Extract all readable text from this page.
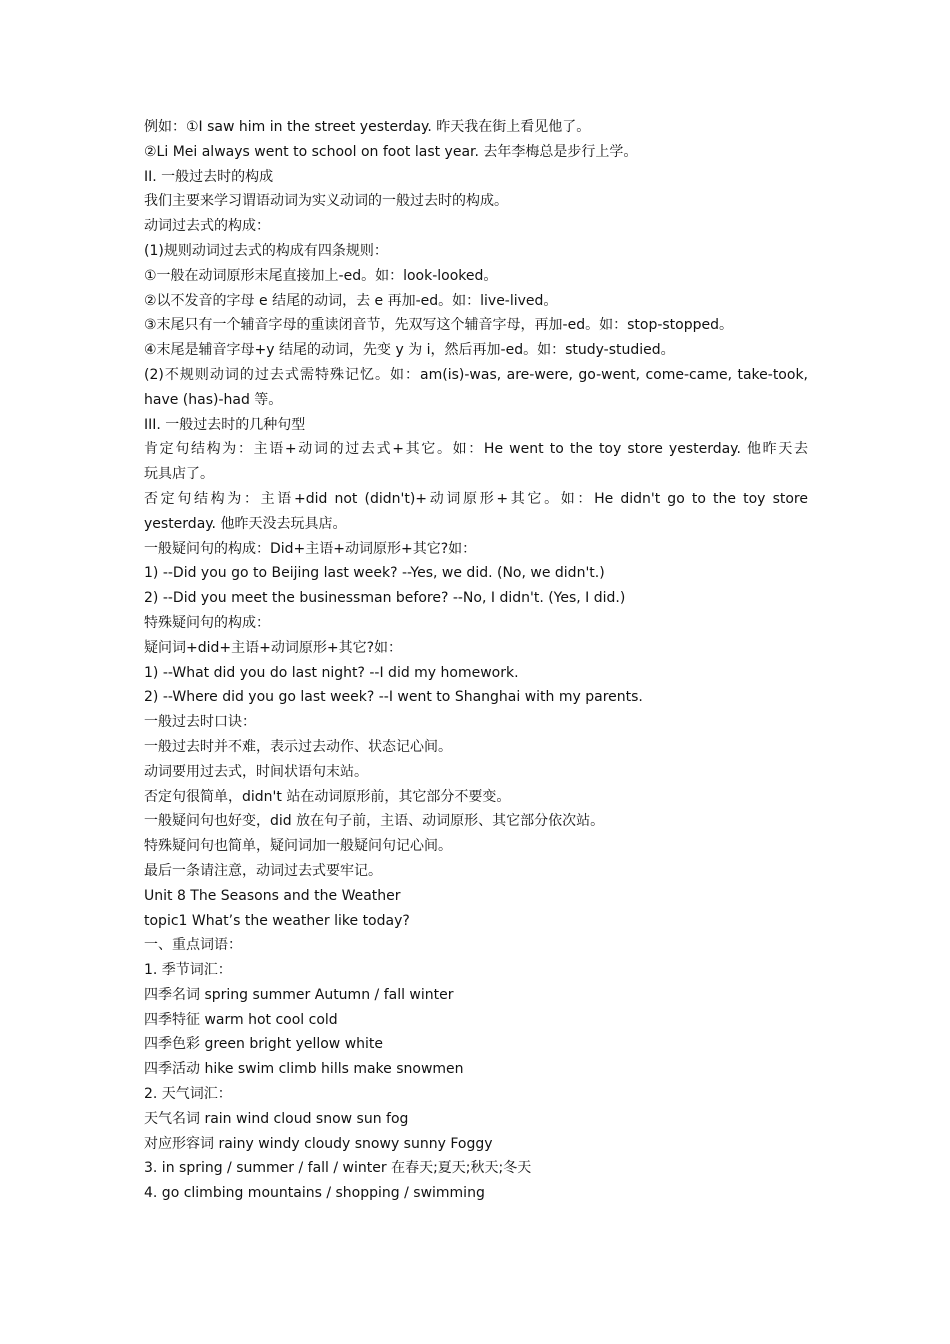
例如：①I saw him in the street yesterday. 昨天我在街上看见他了。
②Li Mei always went to school on foot last year. 去年李梅总是步行上学。
II. 一般过去时的构成
我们主要来学习谓语动词为实义动词的一般过去时的构成。
动词过去式的构成：
(1)规则动词过去式的构成有四条规则：
①一般在动词原形末尾直接加上-ed。如：look-looked。
②以不发音的字母 e 结尾的动词，去 e 再加-ed。如：live-lived。
③末尾只有一个辅音字母的重读闭音节，先双写这个辅音字母，再加-ed。如：stop-stopped。
④末尾是辅音字母+y 结尾的动词，先变 y 为 i，然后再加-ed。如：study-studied。
(2)不规则动词的过去式需特殊记忆。如：am(is)-was, are-were, go-went, come-came, take-took,
have (has)-had 等。
III. 一般过去时的几种句型
肯定句结构为：主语+动词的过去式+其它。如：He went to the toy store yesterday. 他昨天去
玩具店了。
否定句结构为：主语+did not (didn't)+动词原形+其它。如：He didn't go to the toy store
yesterday. 他昨天没去玩具店。
一般疑问句的构成：Did+主语+动词原形+其它?如：
1) --Did you go to Beijing last week? --Yes, we did. (No, we didn't.)
2) --Did you meet the businessman before? --No, I didn't. (Yes, I did.)
特殊疑问句的构成：
疑问词+did+主语+动词原形+其它?如：
1) --What did you do last night? --I did my homework.
2) --Where did you go last week? --I went to Shanghai with my parents.
一般过去时口诀：
一般过去时并不难，表示过去动作、状态记心间。
动词要用过去式，时间状语句末站。
否定句很简单，didn't 站在动词原形前，其它部分不要变。
一般疑问句也好变，did 放在句子前，主语、动词原形、其它部分依次站。
特殊疑问句也简单，疑问词加一般疑问句记心间。
最后一条请注意，动词过去式要牢记。
Unit 8 The Seasons and the Weather
topic1 What’s the weather like today?
一、重点词语：
1. 季节词汇：
四季名词 spring summer Autumn / fall winter
四季特征 warm hot cool cold
四季色彩 green bright yellow white
四季活动 hike swim climb hills make snowmen
2. 天气词汇：
天气名词 rain wind cloud snow sun fog
对应形容词 rainy windy cloudy snowy sunny Foggy
3. in spring / summer / fall / winter 在春天;夏天;秋天;冬天
4. go climbing mountains / shopping / swimming
